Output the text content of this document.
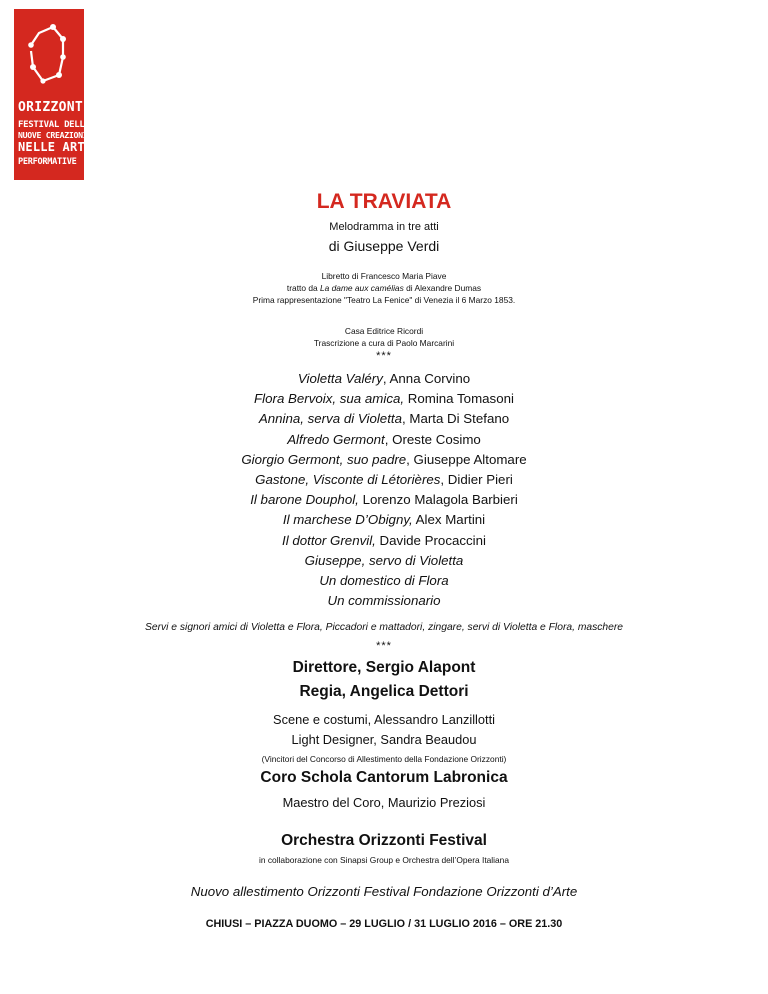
ORIZZONTI
FESTIVAL DELLE
NUOVE CREAZIONI
NELLE ARTI
PERFORMATIVE
LA TRAVIATA
Melodramma in tre atti
di Giuseppe Verdi
Libretto di Francesco Maria Piave
tratto da La dame aux camélias di Alexandre Dumas
Prima rappresentazione "Teatro La Fenice" di Venezia il 6 Marzo 1853.
Casa Editrice Ricordi
Trascrizione a cura di Paolo Marcarini
***
Violetta Valéry, Anna Corvino
Flora Bervoix, sua amica, Romina Tomasoni
Annina, serva di Violetta, Marta Di Stefano
Alfredo Germont, Oreste Cosimo
Giorgio Germont, suo padre, Giuseppe Altomare
Gastone, Visconte di Létorières, Didier Pieri
Il barone Douphol, Lorenzo Malagola Barbieri
Il marchese D’Obigny, Alex Martini
Il dottor Grenvil, Davide Procaccini
Giuseppe, servo di Violetta
Un domestico di Flora
Un commissionario
Servi e signori amici di Violetta e Flora, Piccadori e mattadori, zingare, servi di Violetta e Flora, maschere
***
Direttore, Sergio Alapont
Regia, Angelica Dettori
Scene e costumi, Alessandro Lanzillotti
Light Designer, Sandra Beaudou
(Vincitori del Concorso di Allestimento della Fondazione Orizzonti)
Coro Schola Cantorum Labronica
Maestro del Coro, Maurizio Preziosi
Orchestra Orizzonti Festival
in collaborazione con Sinapsi Group e Orchestra dell’Opera Italiana
Nuovo allestimento Orizzonti Festival Fondazione Orizzonti d’Arte
CHIUSI – PIAZZA DUOMO – 29 LUGLIO / 31 LUGLIO 2016 – ORE 21.30
